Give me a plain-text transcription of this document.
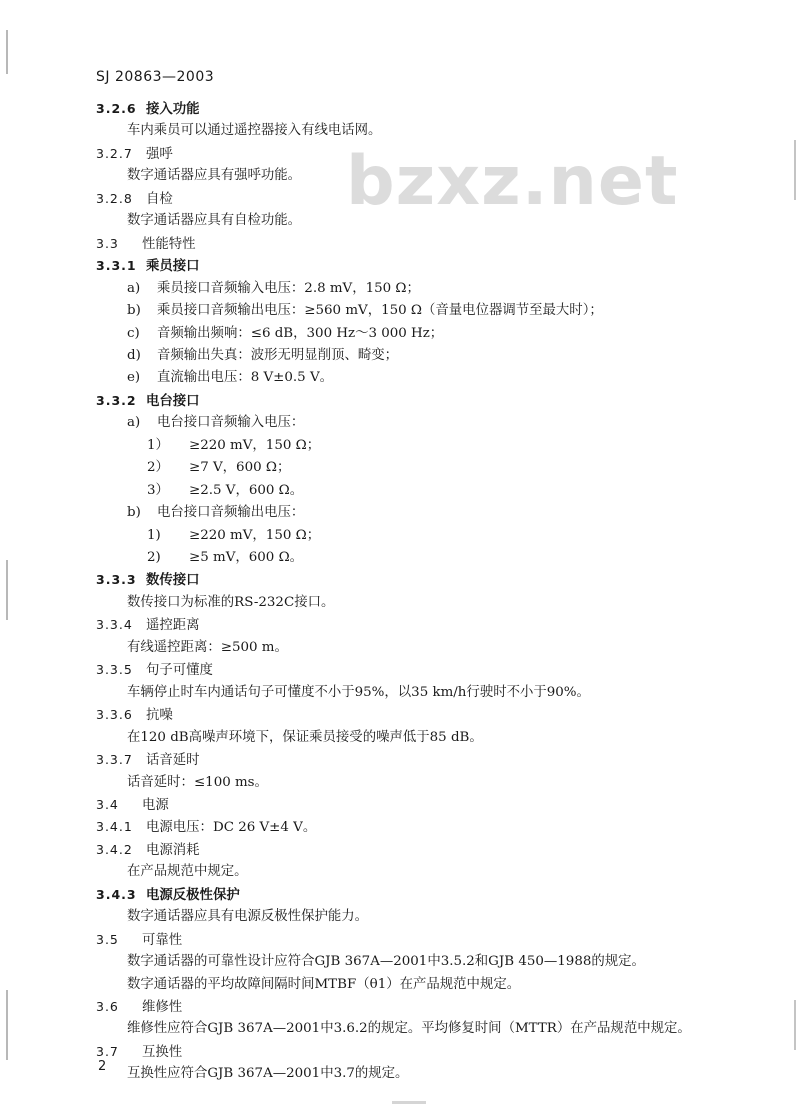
bzxz.net
SJ 20863—2003
3.2.6 接入功能
车内乘员可以通过遥控器接入有线电话网。
3.2.7 强呼
数字通话器应具有强呼功能。
3.2.8 自检
数字通话器应具有自检功能。
3.3 性能特性
3.3.1 乘员接口
a) 乘员接口音频输入电压：2.8 mV，150 Ω；
b) 乘员接口音频输出电压：≥560 mV，150 Ω（音量电位器调节至最大时）；
c) 音频输出频响：≤6 dB，300 Hz～3 000 Hz；
d) 音频输出失真：波形无明显削顶、畸变；
e) 直流输出电压：8 V±0.5 V。
3.3.2 电台接口
a) 电台接口音频输入电压：
1） ≥220 mV，150 Ω；
2） ≥7 V，600 Ω；
3） ≥2.5 V，600 Ω。
b) 电台接口音频输出电压：
1) ≥220 mV，150 Ω；
2) ≥5 mV，600 Ω。
3.3.3 数传接口
数传接口为标准的RS-232C接口。
3.3.4 遥控距离
有线遥控距离：≥500 m。
3.3.5 句子可懂度
车辆停止时车内通话句子可懂度不小于95%，以35 km/h行驶时不小于90%。
3.3.6 抗噪
在120 dB高噪声环境下，保证乘员接受的噪声低于85 dB。
3.3.7 话音延时
话音延时：≤100 ms。
3.4 电源
3.4.1 电源电压：DC 26 V±4 V。
3.4.2 电源消耗
在产品规范中规定。
3.4.3 电源反极性保护
数字通话器应具有电源反极性保护能力。
3.5 可靠性
数字通话器的可靠性设计应符合GJB 367A—2001中3.5.2和GJB 450—1988的规定。
数字通话器的平均故障间隔时间MTBF（θ1）在产品规范中规定。
3.6 维修性
维修性应符合GJB 367A—2001中3.6.2的规定。平均修复时间（MTTR）在产品规范中规定。
3.7 互换性
互换性应符合GJB 367A—2001中3.7的规定。
2
